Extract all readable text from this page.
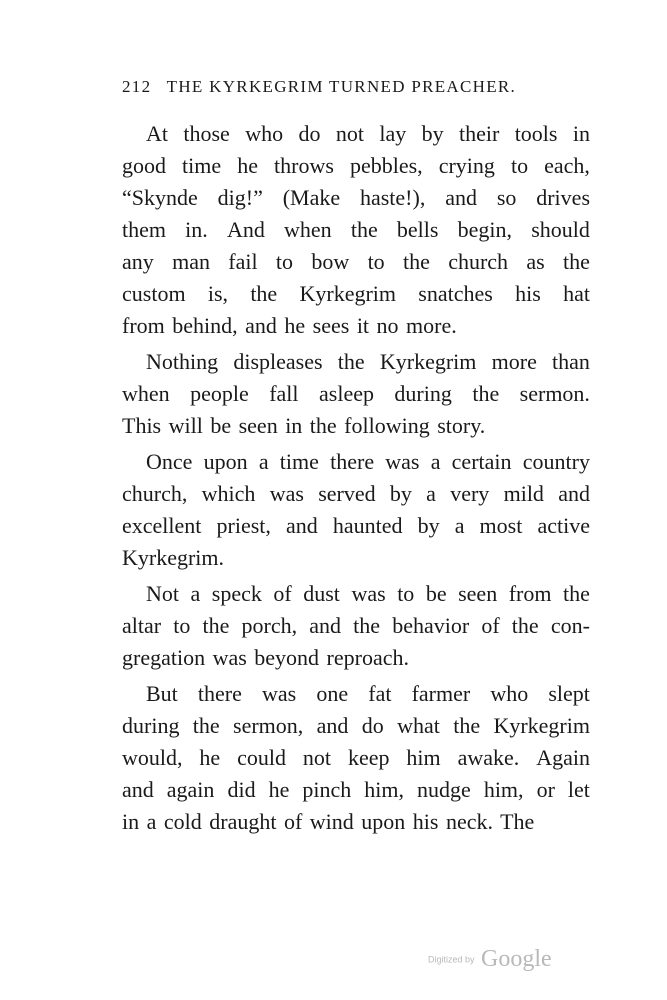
212 THE KYRKEGRIM TURNED PREACHER.
At those who do not lay by their tools in
good time he throws pebbles, crying to each,
“Skynde dig!” (Make haste!), and so drives
them in. And when the bells begin, should
any man fail to bow to the church as the
custom is, the Kyrkegrim snatches his hat
from behind, and he sees it no more.
Nothing displeases the Kyrkegrim more than
when people fall asleep during the sermon.
This will be seen in the following story.
Once upon a time there was a certain country
church, which was served by a very mild and
excellent priest, and haunted by a most active
Kyrkegrim.
Not a speck of dust was to be seen from the
altar to the porch, and the behavior of the con-
gregation was beyond reproach.
But there was one fat farmer who slept
during the sermon, and do what the Kyrkegrim
would, he could not keep him awake. Again
and again did he pinch him, nudge him, or let
in a cold draught of wind upon his neck. The
Digitized by Google
